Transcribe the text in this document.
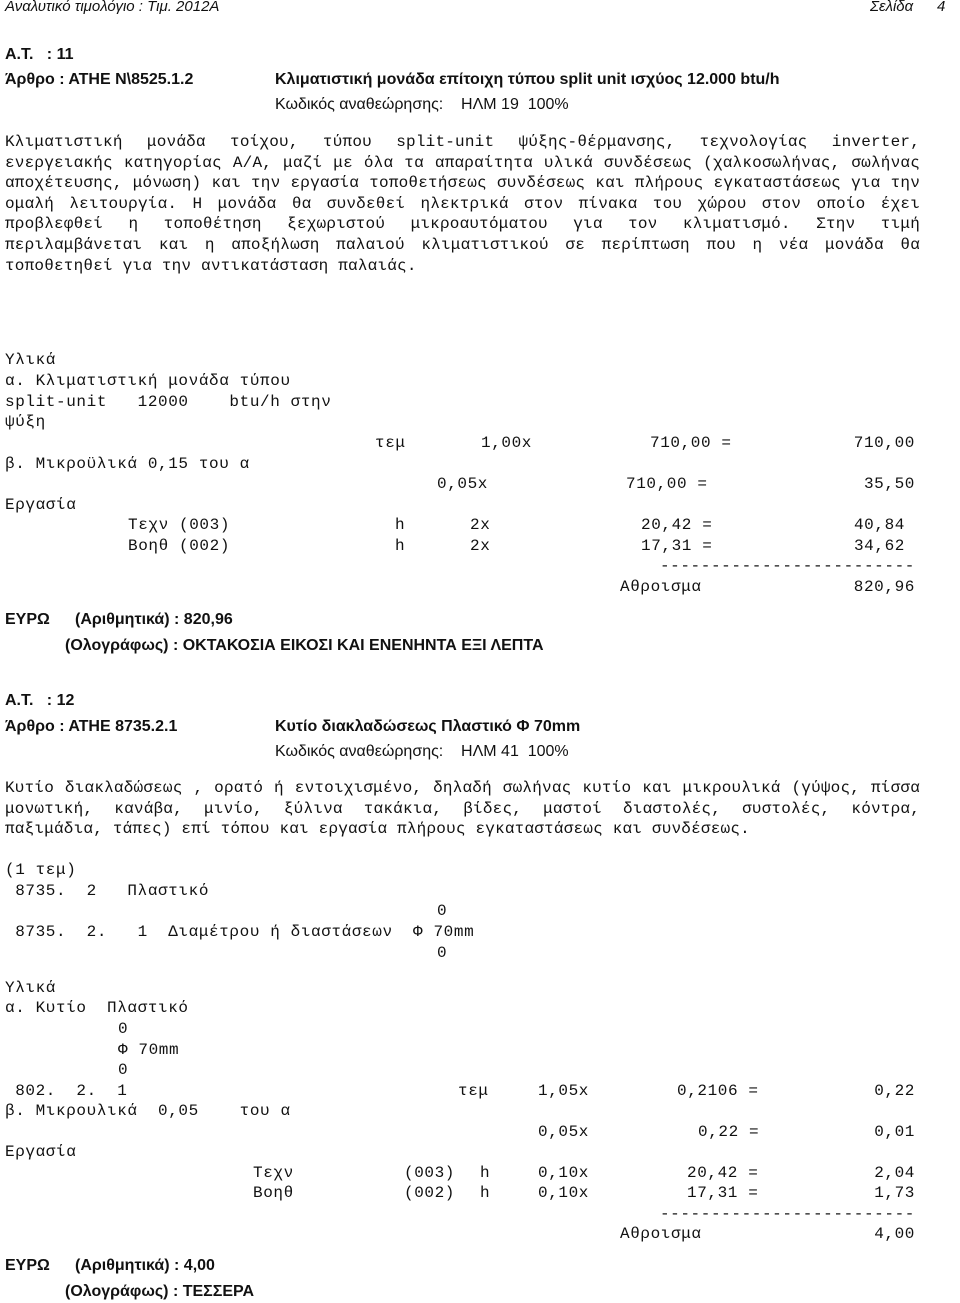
Αναλυτικό τιμολόγιο : Τιμ. 2012Α	Σελίδα 4
Α.Τ.   : 11
Άρθρο : ΑΤΗΕ Ν\8525.1.2	Κλιματιστική μονάδα επίτοιχη τύπου split unit ισχύος 12.000 btu/h
Κωδικός αναθεώρησης:    ΗΛΜ 19  100%
Κλιματιστική μονάδα τοίχου, τύπου split-unit ψύξης-θέρμανσης, τεχνολογίας inverter, ενεργειακής κατηγορίας Α/Α, μαζί με όλα τα απαραίτητα υλικά συνδέσεως (χαλκοσωλήνας, σωλήνας αποχέτευσης, μόνωση) και την εργασία τοποθετήσεως συνδέσεως και πλήρους εγκαταστάσεως για την ομαλή λειτουργία. Η μονάδα θα συνδεθεί ηλεκτρικά στον πίνακα του χώρου στον οποίο έχει προβλεφθεί η τοποθέτηση ξεχωριστού μικροαυτόματου για τον κλιματισμό. Στην τιμή περιλαμβάνεται και η αποξήλωση παλαιού κλιματιστικού σε περίπτωση που η νέα μονάδα θα τοποθετηθεί για την αντικατάσταση παλαιάς.
Υλικά
α. Κλιματιστική μονάδα τύπου
split-unit   12000    btu/h στην
ψύξη
τεμ	1,00x	710,00 =	710,00
β. Μικροϋλικά 0,15 του α
0,05x	710,00 =	35,50
Εργασία
Τεχν (003)	h	2x	20,42 =	40,84
Βοηθ (002)	h	2x	17,31 =	34,62
-------------------------
Αθροισμα	820,96
ΕΥΡΩ (Αριθμητικά) : 820,96
(Ολογράφως) : ΟΚΤΑΚΟΣΙΑ ΕΙΚΟΣΙ ΚΑΙ ΕΝΕΝΗΝΤΑ ΕΞΙ ΛΕΠΤΑ
Α.Τ.   : 12
Άρθρο : ΑΤΗΕ 8735.2.1	Κυτίο διακλαδώσεως Πλαστικό Φ 70mm
Κωδικός αναθεώρησης:    ΗΛΜ 41  100%
Κυτίο διακλαδώσεως , ορατό ή εντοιχισμένο, δηλαδή σωλήνας κυτίο και μικρουλικά (γύψος, πίσσα μονωτική, κανάβα, μινίο, ξύλινα τακάκια, βίδες, μαστοί διαστολές, συστολές, κόντρα, παξιμάδια, τάπες) επί τόπου και εργασία πλήρους εγκαταστάσεως και συνδέσεως.
(1 τεμ)
8735.  2   Πλαστικό
0
8735.  2.   1  Διαμέτρου ή διαστάσεων  Φ 70mm
0
Υλικά
α. Κυτίο  Πλαστικό
0
Φ 70mm
0
802.  2.  1	τεμ	1,05x	0,2106 =	0,22
β. Μικρουλικά  0,05    του α
0,05x	0,22 =	0,01
Εργασία
Τεχν	(003) h	0,10x	20,42 =	2,04
Βοηθ	(002) h	0,10x	17,31 =	1,73
-------------------------
Αθροισμα	4,00
ΕΥΡΩ (Αριθμητικά) : 4,00
(Ολογράφως) : ΤΕΣΣΕΡΑ
